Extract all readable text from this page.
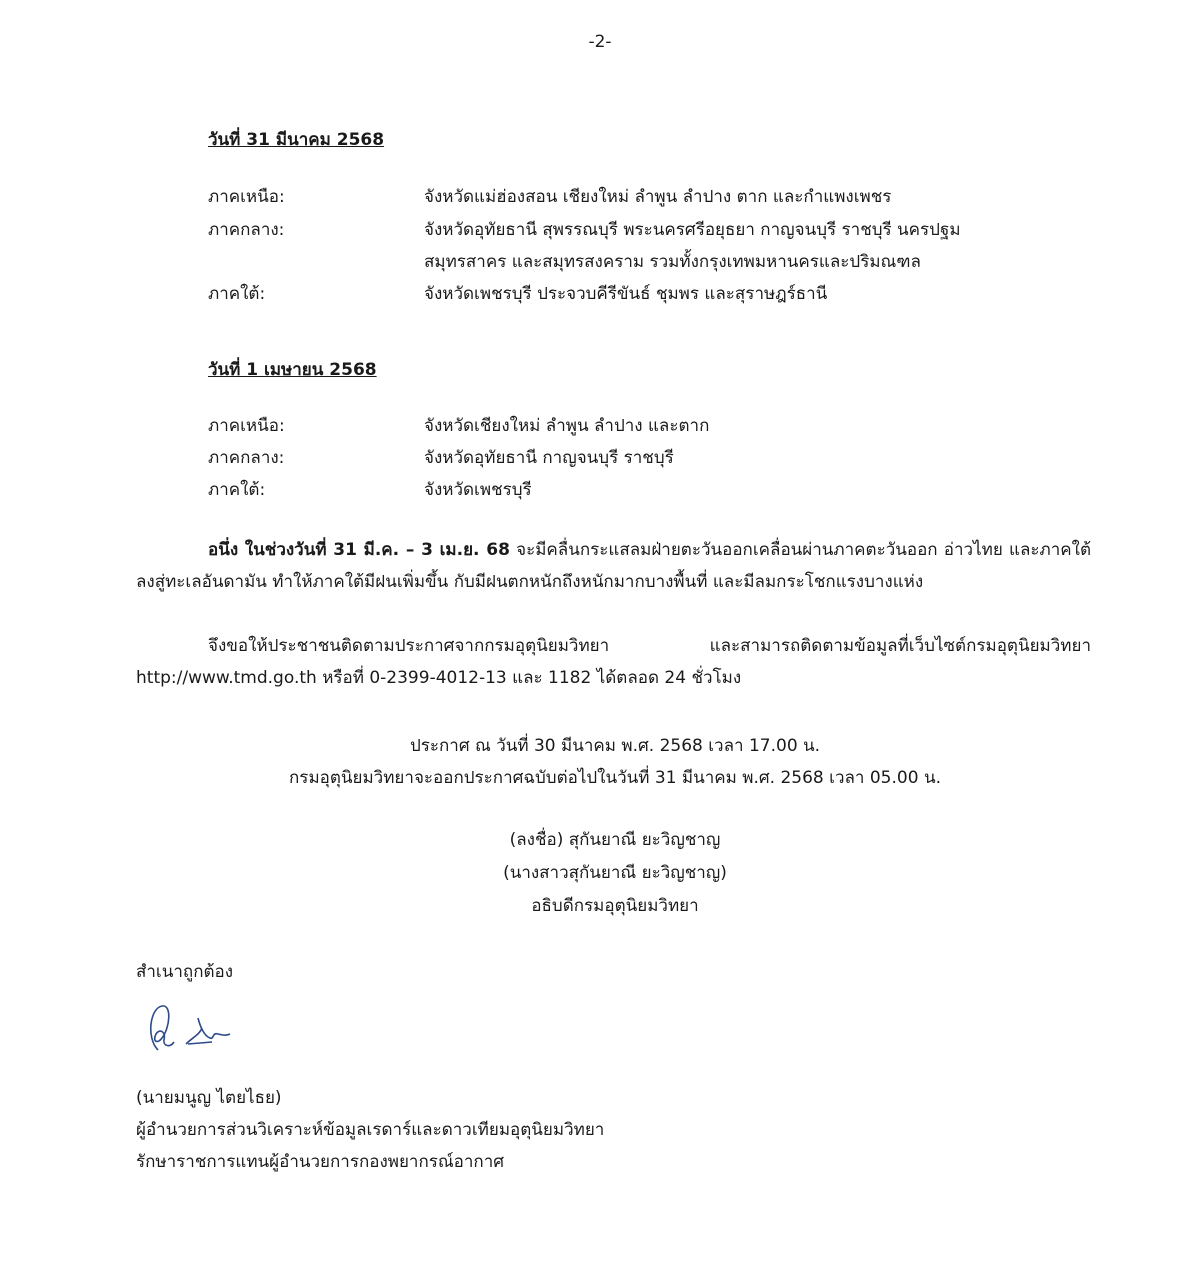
-2-
วันที่ 31 มีนาคม 2568
ภาคเหนือ:	จังหวัดแม่ฮ่องสอน เชียงใหม่ ลำพูน ลำปาง ตาก และกำแพงเพชร
ภาคกลาง:	จังหวัดอุทัยธานี สุพรรณบุรี พระนครศรีอยุธยา กาญจนบุรี ราชบุรี นครปฐม
สมุทรสาคร และสมุทรสงคราม รวมทั้งกรุงเทพมหานครและปริมณฑล
ภาคใต้:	จังหวัดเพชรบุรี ประจวบคีรีขันธ์ ชุมพร และสุราษฎร์ธานี
วันที่ 1 เมษายน 2568
ภาคเหนือ:	จังหวัดเชียงใหม่ ลำพูน ลำปาง และตาก
ภาคกลาง:	จังหวัดอุทัยธานี กาญจนบุรี ราชบุรี
ภาคใต้:	จังหวัดเพชรบุรี
อนึ่ง ในช่วงวันที่ 31 มี.ค. – 3 เม.ย. 68 จะมีคลื่นกระแสลมฝ่ายตะวันออกเคลื่อนผ่านภาคตะวันออก อ่าวไทย และภาคใต้ ลงสู่ทะเลอันดามัน ทำให้ภาคใต้มีฝนเพิ่มขึ้น กับมีฝนตกหนักถึงหนักมากบางพื้นที่ และมีลมกระโชกแรงบางแห่ง
จึงขอให้ประชาชนติดตามประกาศจากกรมอุตุนิยมวิทยา และสามารถติดตามข้อมูลที่เว็บไซต์กรมอุตุนิยมวิทยา http://www.tmd.go.th หรือที่ 0-2399-4012-13 และ 1182 ได้ตลอด 24 ชั่วโมง
ประกาศ ณ วันที่ 30 มีนาคม พ.ศ. 2568 เวลา 17.00 น.
กรมอุตุนิยมวิทยาจะออกประกาศฉบับต่อไปในวันที่ 31 มีนาคม พ.ศ. 2568 เวลา 05.00 น.
(ลงชื่อ) สุกันยาณี ยะวิญชาญ
(นางสาวสุกันยาณี ยะวิญชาญ)
อธิบดีกรมอุตุนิยมวิทยา
สำเนาถูกต้อง
(นายมนูญ ไตยไธย)
ผู้อำนวยการส่วนวิเคราะห์ข้อมูลเรดาร์และดาวเทียมอุตุนิยมวิทยา
รักษาราชการแทนผู้อำนวยการกองพยากรณ์อากาศ
